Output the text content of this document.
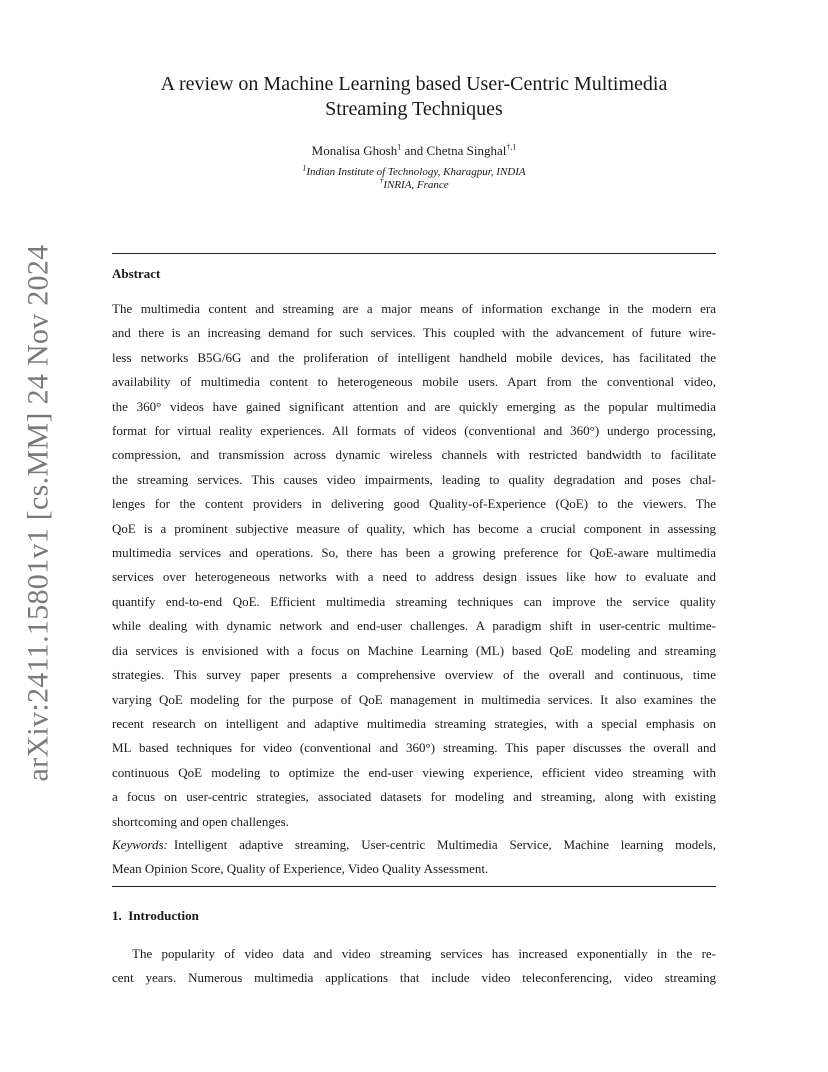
arXiv:2411.15801v1 [cs.MM] 24 Nov 2024
A review on Machine Learning based User-Centric Multimedia
Streaming Techniques
Monalisa Ghosh$^1$ and Chetna Singhal$^{\dagger,1}$
$^1$Indian Institute of Technology, Kharagpur, INDIA
†INRIA, France
Abstract
The multimedia content and streaming are a major means of information exchange in the modern era
and there is an increasing demand for such services. This coupled with the advancement of future wire-
less networks B5G/6G and the proliferation of intelligent handheld mobile devices, has facilitated the
availability of multimedia content to heterogeneous mobile users. Apart from the conventional video,
the 360° videos have gained significant attention and are quickly emerging as the popular multimedia
format for virtual reality experiences. All formats of videos (conventional and 360°) undergo processing,
compression, and transmission across dynamic wireless channels with restricted bandwidth to facilitate
the streaming services. This causes video impairments, leading to quality degradation and poses chal-
lenges for the content providers in delivering good Quality-of-Experience (QoE) to the viewers. The
QoE is a prominent subjective measure of quality, which has become a crucial component in assessing
multimedia services and operations. So, there has been a growing preference for QoE-aware multimedia
services over heterogeneous networks with a need to address design issues like how to evaluate and
quantify end-to-end QoE. Efficient multimedia streaming techniques can improve the service quality
while dealing with dynamic network and end-user challenges. A paradigm shift in user-centric multime-
dia services is envisioned with a focus on Machine Learning (ML) based QoE modeling and streaming
strategies. This survey paper presents a comprehensive overview of the overall and continuous, time
varying QoE modeling for the purpose of QoE management in multimedia services. It also examines the
recent research on intelligent and adaptive multimedia streaming strategies, with a special emphasis on
ML based techniques for video (conventional and 360°) streaming. This paper discusses the overall and
continuous QoE modeling to optimize the end-user viewing experience, efficient video streaming with
a focus on user-centric strategies, associated datasets for modeling and streaming, along with existing
shortcoming and open challenges.
Keywords: Intelligent adaptive streaming, User-centric Multimedia Service, Machine learning models,
Mean Opinion Score, Quality of Experience, Video Quality Assessment.
1.  Introduction
The popularity of video data and video streaming services has increased exponentially in the re-
cent years. Numerous multimedia applications that include video teleconferencing, video streaming
